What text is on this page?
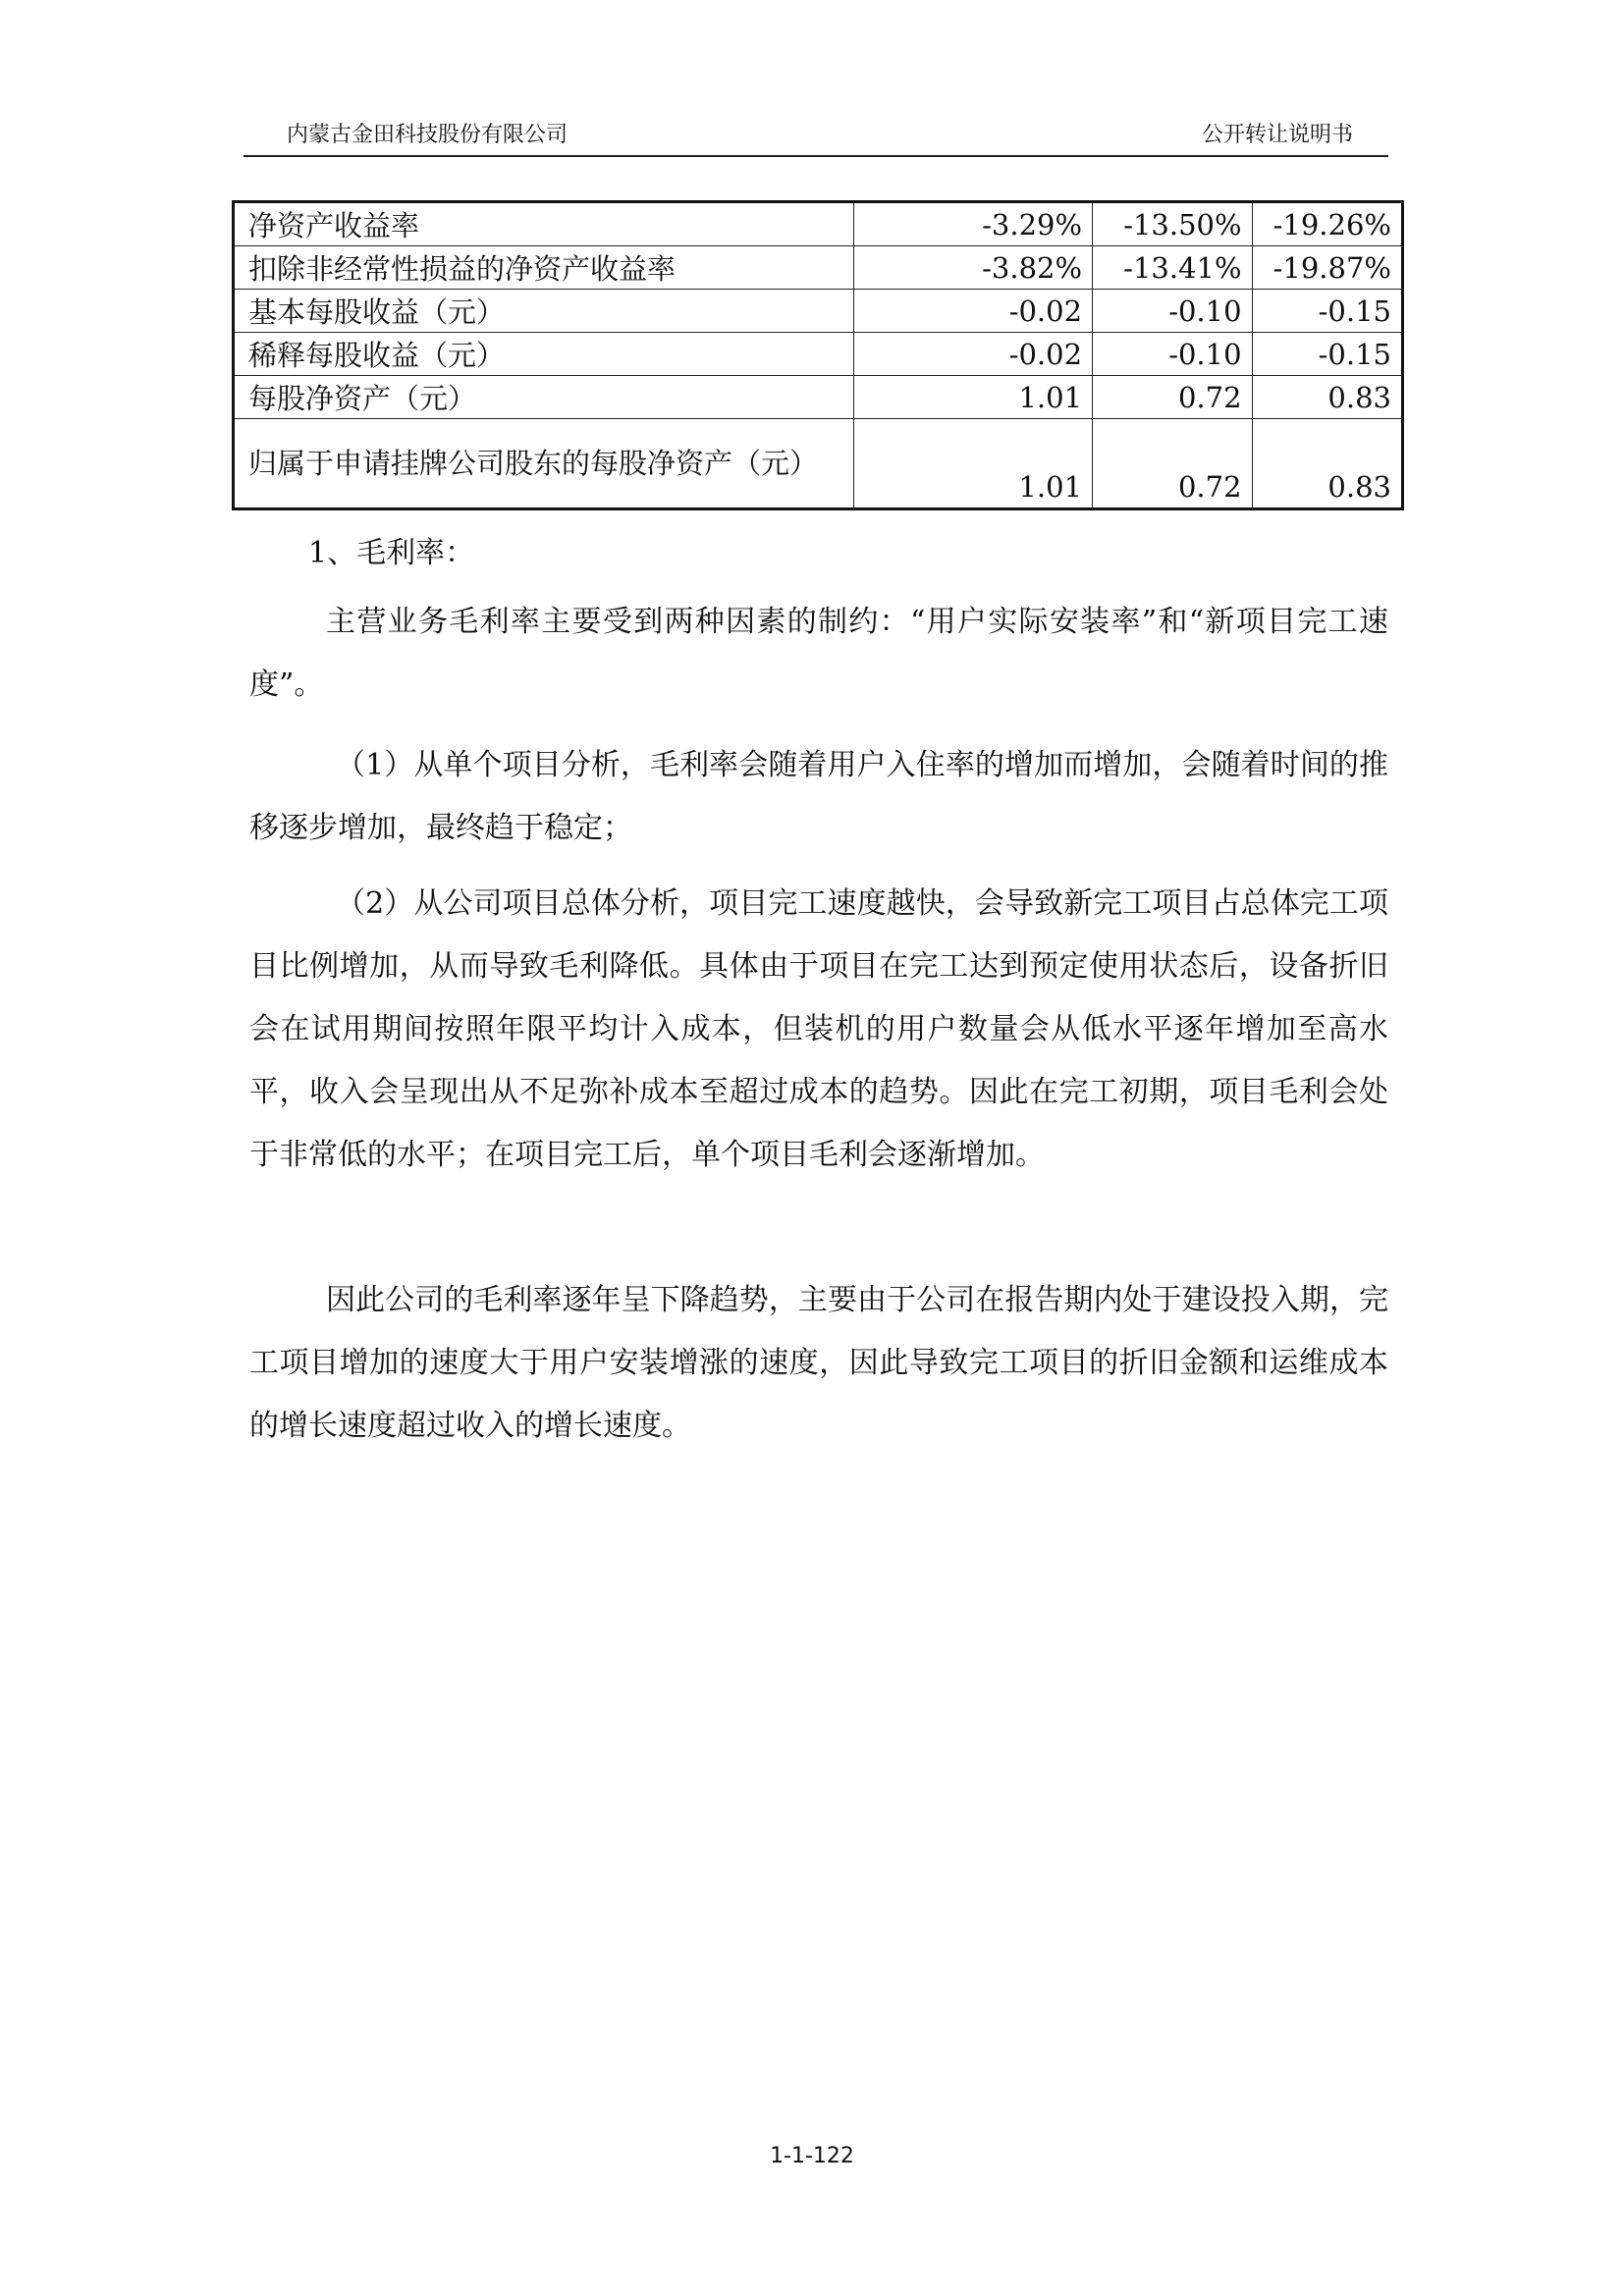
内蒙古金田科技股份有限公司	公开转让说明书
净资产收益率	-3.29%	-13.50%	-19.26%
扣除非经常性损益的净资产收益率	-3.82%	-13.41%	-19.87%
基本每股收益（元）	-0.02	-0.10	-0.15
稀释每股收益（元）	-0.02	-0.10	-0.15
每股净资产（元）	1.01	0.72	0.83
归属于申请挂牌公司股东的每股净资产（元）	1.01	0.72	0.83
1、毛利率：
主营业务毛利率主要受到两种因素的制约：“用户实际安装率”和“新项目完工速度”。
（1）从单个项目分析，毛利率会随着用户入住率的增加而增加，会随着时间的推移逐步增加，最终趋于稳定；
（2）从公司项目总体分析，项目完工速度越快，会导致新完工项目占总体完工项目比例增加，从而导致毛利降低。具体由于项目在完工达到预定使用状态后，设备折旧会在试用期间按照年限平均计入成本，但装机的用户数量会从低水平逐年增加至高水平，收入会呈现出从不足弥补成本至超过成本的趋势。因此在完工初期，项目毛利会处于非常低的水平；在项目完工后，单个项目毛利会逐渐增加。
因此公司的毛利率逐年呈下降趋势，主要由于公司在报告期内处于建设投入期，完工项目增加的速度大于用户安装增涨的速度，因此导致完工项目的折旧金额和运维成本的增长速度超过收入的增长速度。
1-1-122
